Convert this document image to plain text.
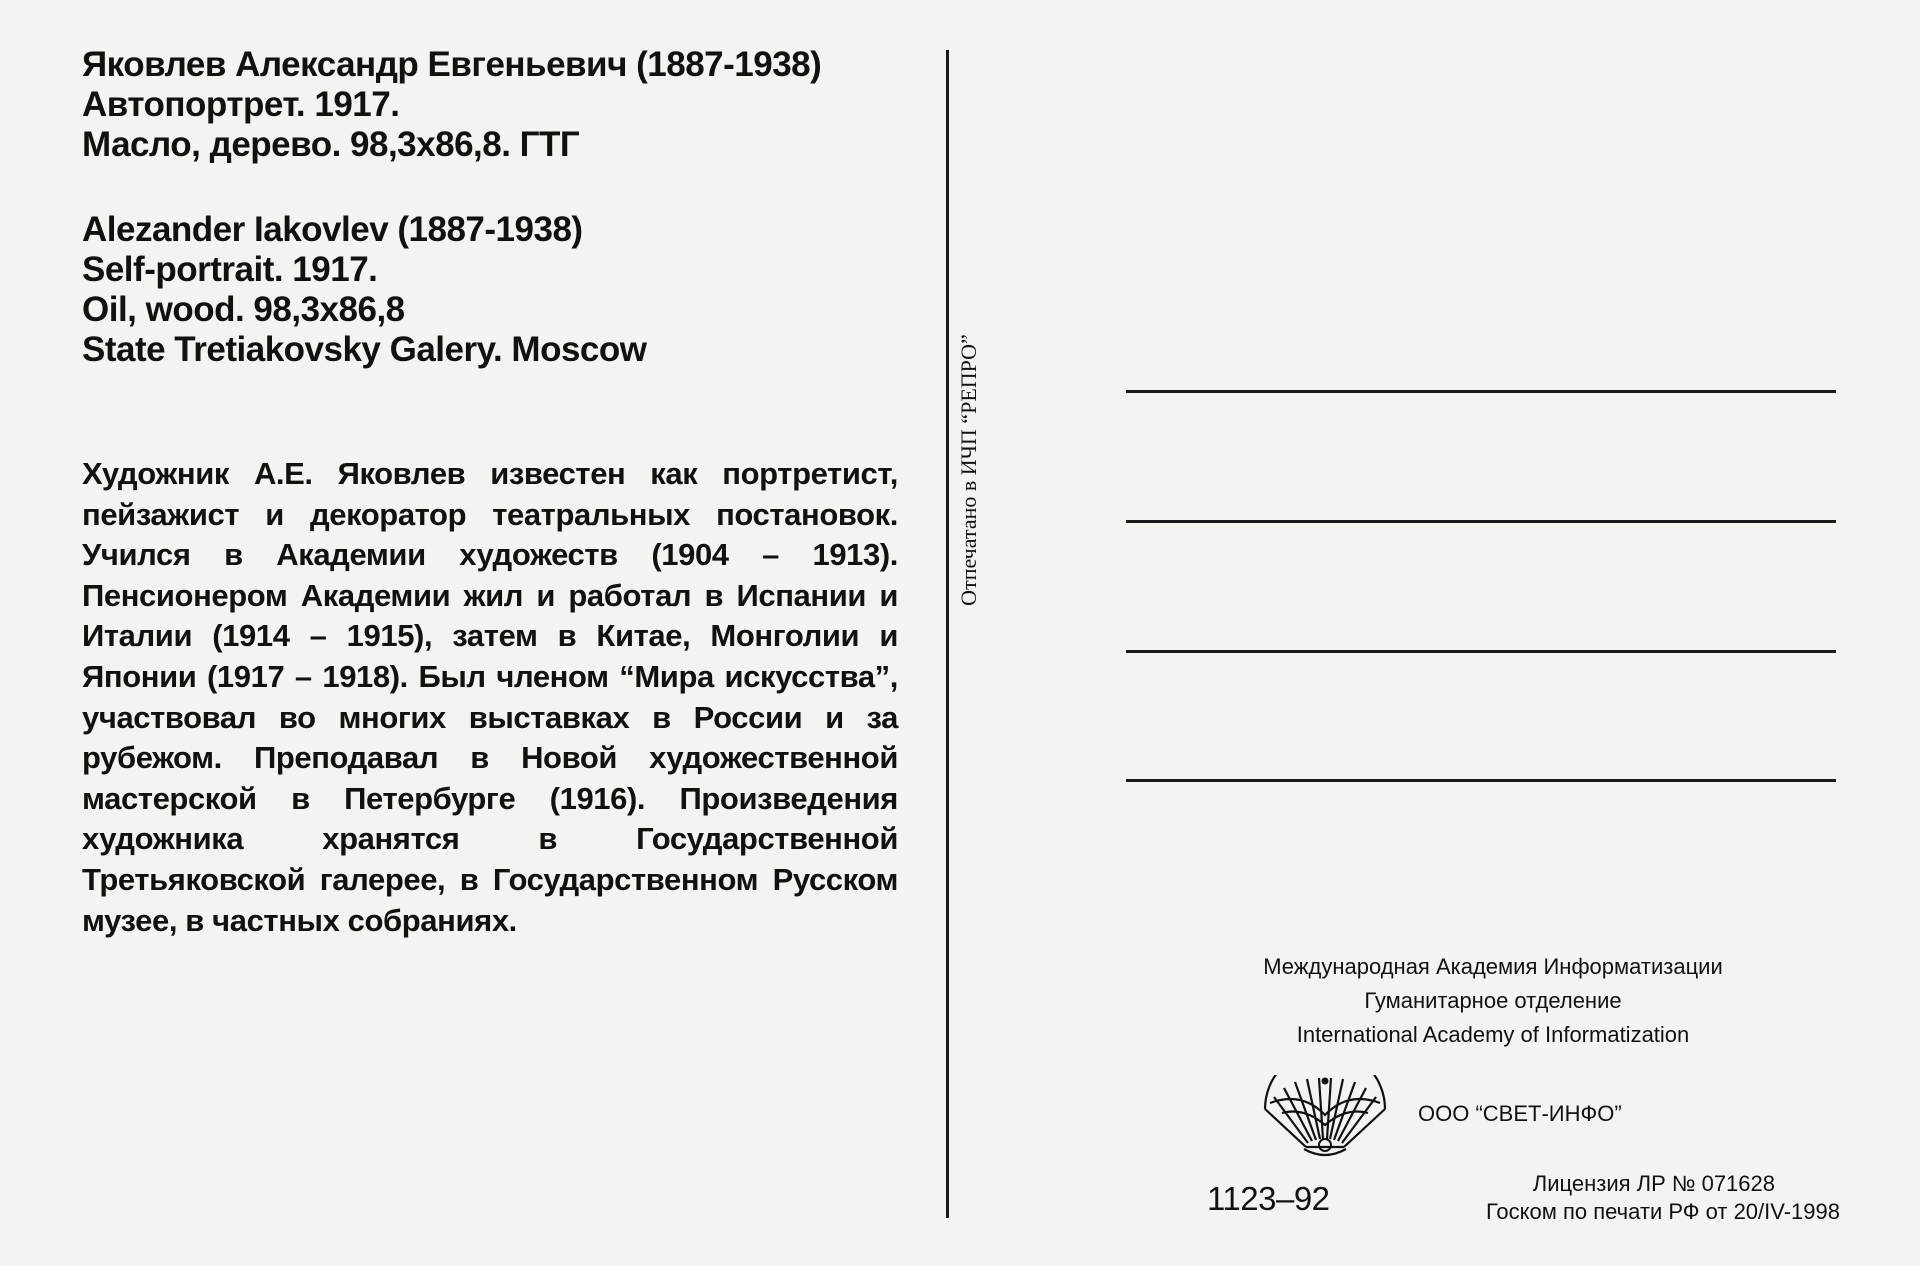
Яковлев Александр Евгеньевич (1887-1938)
Автопортрет. 1917.
Масло, дерево. 98,3х86,8. ГТГ
Alezander Iakovlev (1887-1938)
Self-portrait. 1917.
Oil, wood. 98,3x86,8
State Tretiakovsky Galery. Moscow

Художник А.Е. Яковлев известен как портретист, пейзажист и декоратор театральных постановок. Учился в Академии художеств (1904 – 1913). Пенсионером Академии жил и работал в Испании и Италии (1914 – 1915), затем в Китае, Монголии и Японии (1917 – 1918). Был членом “Мира искусства”, участвовал во многих выставках в России и за рубежом. Преподавал в Новой художественной мастерской в Петербурге (1916). Произведения художника хранятся в Государственной Третьяковской галерее, в Государственном Русском музее, в частных собраниях.

Отпечатано в ИЧП “РЕПРО”
Международная Академия Информатизации
Гуманитарное отделение
International Academy of Informatization
ООО “СВЕТ-ИНФО”
1123–92	Лицензия ЛР № 071628
Госком по печати РФ от 20/IV-1998
